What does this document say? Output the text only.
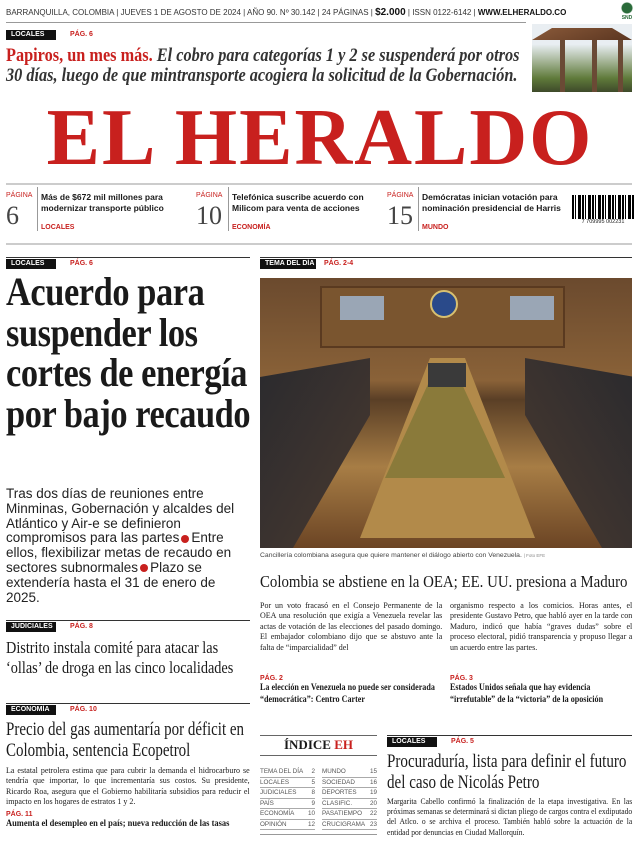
BARRANQUILLA, COLOMBIA | JUEVES 1 DE AGOSTO DE 2024 | AÑO 90. Nº 30.142 | 24 PÁGINAS | $2.000 | ISSN 0122-6142 | WWW.ELHERALDO.CO
SND
LOCALES	PÁG. 6
Papiros, un mes más. El cobro para categorías 1 y 2 se suspenderá por otros 30 días, luego de que mintransporte acogiera la solicitud de la Gobernación.
EL HERALDO
PÁGINA
6
Más de $672 mil millones para modernizar transporte público
LOCALES
PÁGINA
10
Telefónica suscribe acuerdo con Milicom para venta de acciones
ECONOMÍA
PÁGINA
15
Demócratas inician votación para nominación presidencial de Harris
MUNDO
7 709995 002231
LOCALES	PÁG. 6
Acuerdo para suspender los cortes de energía por bajo recaudo
Tras dos días de reuniones entre Minminas, Gobernación y alcaldes del Atlántico y Air-e se definieron compromisos para las partes Entre ellos, flexibilizar metas de recaudo en sectores subnormales Plazo se extendería hasta el 31 de enero de 2025.
JUDICIALES	PÁG. 8
Distrito instala comité para atacar las ‘ollas’ de droga en las cinco localidades
ECONOMÍA	PÁG. 10
Precio del gas aumentaría por déficit en Colombia, sentencia Ecopetrol
La estatal petrolera estima que para cubrir la demanda el hidrocarburo se tendría que importar, lo que incrementaría sus costos. Su presidente, Ricardo Roa, asegura que el Gobierno habilitaría subsidios para reducir el impacto en los hogares de estratos 1 y 2.
PÁG. 11
Aumenta el desempleo en el país; nueva reducción de las tasas
TEMA DEL DÍA PÁG. 2-4
Cancillería colombiana asegura que quiere mantener el diálogo abierto con Venezuela. | Foto EFE
Colombia se abstiene en la OEA; EE. UU. presiona a Maduro
Por un voto fracasó en el Consejo Permanente de la OEA una resolución que exigía a Venezuela revelar las actas de votación de las elecciones del pasado domingo. El embajador colombiano dijo que se abstuvo ante la falta de “imparcialidad” del
organismo respecto a los comicios. Horas antes, el presidente Gustavo Petro, que habló ayer en la tarde con Maduro, indicó que había “graves dudas” sobre el proceso electoral, pidió transparencia y propuso llegar a un acuerdo entre las partes.
PÁG. 2
La elección en Venezuela no puede ser considerada “democrática”: Centro Carter
PÁG. 3
Estados Unidos señala que hay evidencia “irrefutable” de la “victoria” de la oposición
ÍNDICE EH
TEMA DEL DÍA 2
LOCALES	5
JUDICIALES 8
PAÍS	9
ECONOMÍA 10
OPINIÓN	12
MUNDO	15
SOCIEDAD 16
DEPORTES 19
CLASIFIC.	20
PASATIEMPO 22
CRUCIGRAMA 23
LOCALES	PÁG. 5
Procuraduría, lista para definir el futuro del caso de Nicolás Petro
Margarita Cabello confirmó la finalización de la etapa investigativa. En las próximas semanas se determinará si dictan pliego de cargos contra el exdiputado del Atlco. o se archiva el proceso. También habló sobre la actuación de la entidad por denuncias en Ciudad Mallorquín.
